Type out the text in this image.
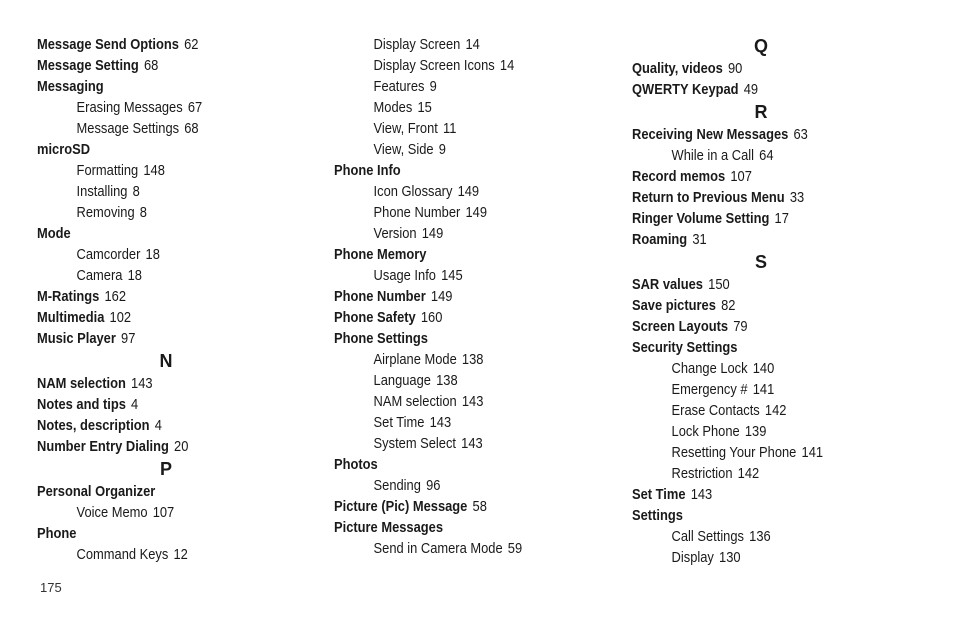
Message Send Options 62
Message Setting 68
Messaging
Erasing Messages 67
Message Settings 68
microSD
Formatting 148
Installing 8
Removing 8
Mode
Camcorder 18
Camera 18
M-Ratings 162
Multimedia 102
Music Player 97
N
NAM selection 143
Notes and tips 4
Notes, description 4
Number Entry Dialing 20
P
Personal Organizer
Voice Memo 107
Phone
Command Keys 12
Display Screen 14
Display Screen Icons 14
Features 9
Modes 15
View, Front 11
View, Side 9
Phone Info
Icon Glossary 149
Phone Number 149
Version 149
Phone Memory
Usage Info 145
Phone Number 149
Phone Safety 160
Phone Settings
Airplane Mode 138
Language 138
NAM selection 143
Set Time 143
System Select 143
Photos
Sending 96
Picture (Pic) Message 58
Picture Messages
Send in Camera Mode 59
Q
Quality, videos 90
QWERTY Keypad 49
R
Receiving New Messages 63
While in a Call 64
Record memos 107
Return to Previous Menu 33
Ringer Volume Setting 17
Roaming 31
S
SAR values 150
Save pictures 82
Screen Layouts 79
Security Settings
Change Lock 140
Emergency # 141
Erase Contacts 142
Lock Phone 139
Resetting Your Phone 141
Restriction 142
Set Time 143
Settings
Call Settings 136
Display 130
175
